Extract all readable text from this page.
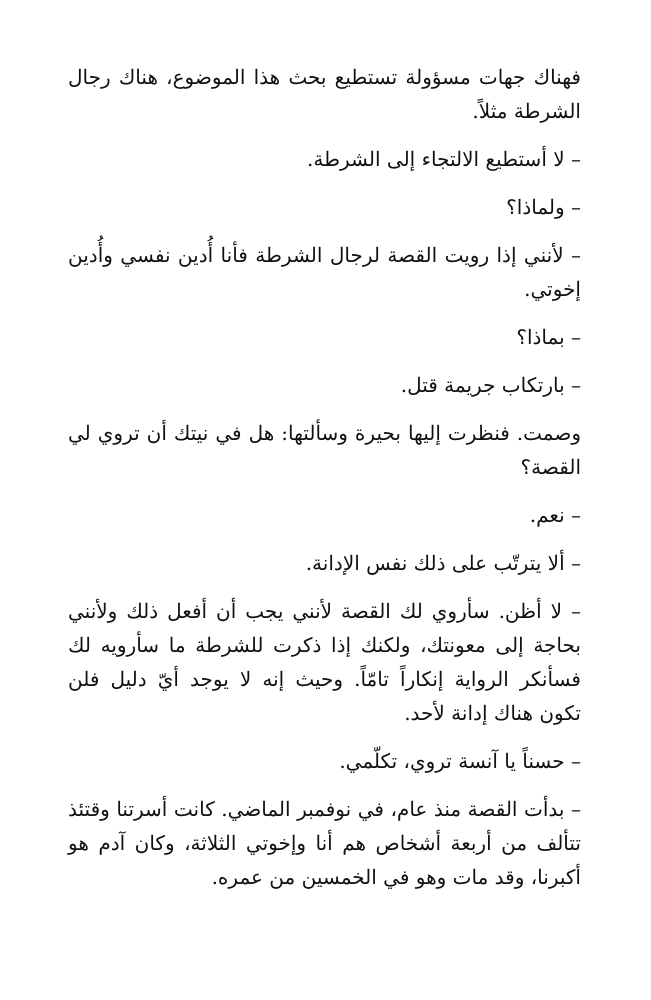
فهناك جهات مسؤولة تستطيع بحث هذا الموضوع، هناك رجال الشرطة مثلاً.

– لا أستطيع الالتجاء إلى الشرطة.

– ولماذا؟

– لأنني إذا رويت القصة لرجال الشرطة فأنا أُدين نفسي وأُدين إخوتي.

– بماذا؟

– بارتكاب جريمة قتل.

وصمت. فنظرت إليها بحيرة وسألتها: هل في نيتك أن تروي لي القصة؟

– نعم.

– ألا يترتّب على ذلك نفس الإدانة.

– لا أظن. سأروي لك القصة لأنني يجب أن أفعل ذلك ولأنني بحاجة إلى معونتك، ولكنك إذا ذكرت للشرطة ما سأرويه لك فسأنكر الرواية إنكاراً تامّاً. وحيث إنه لا يوجد أيّ دليل فلن تكون هناك إدانة لأحد.

– حسناً يا آنسة تروي، تكلّمي.

– بدأت القصة منذ عام، في نوفمبر الماضي. كانت أسرتنا وقتئذ تتألف من أربعة أشخاص هم أنا وإخوتي الثلاثة، وكان آدم هو أكبرنا، وقد مات وهو في الخمسين من عمره.
